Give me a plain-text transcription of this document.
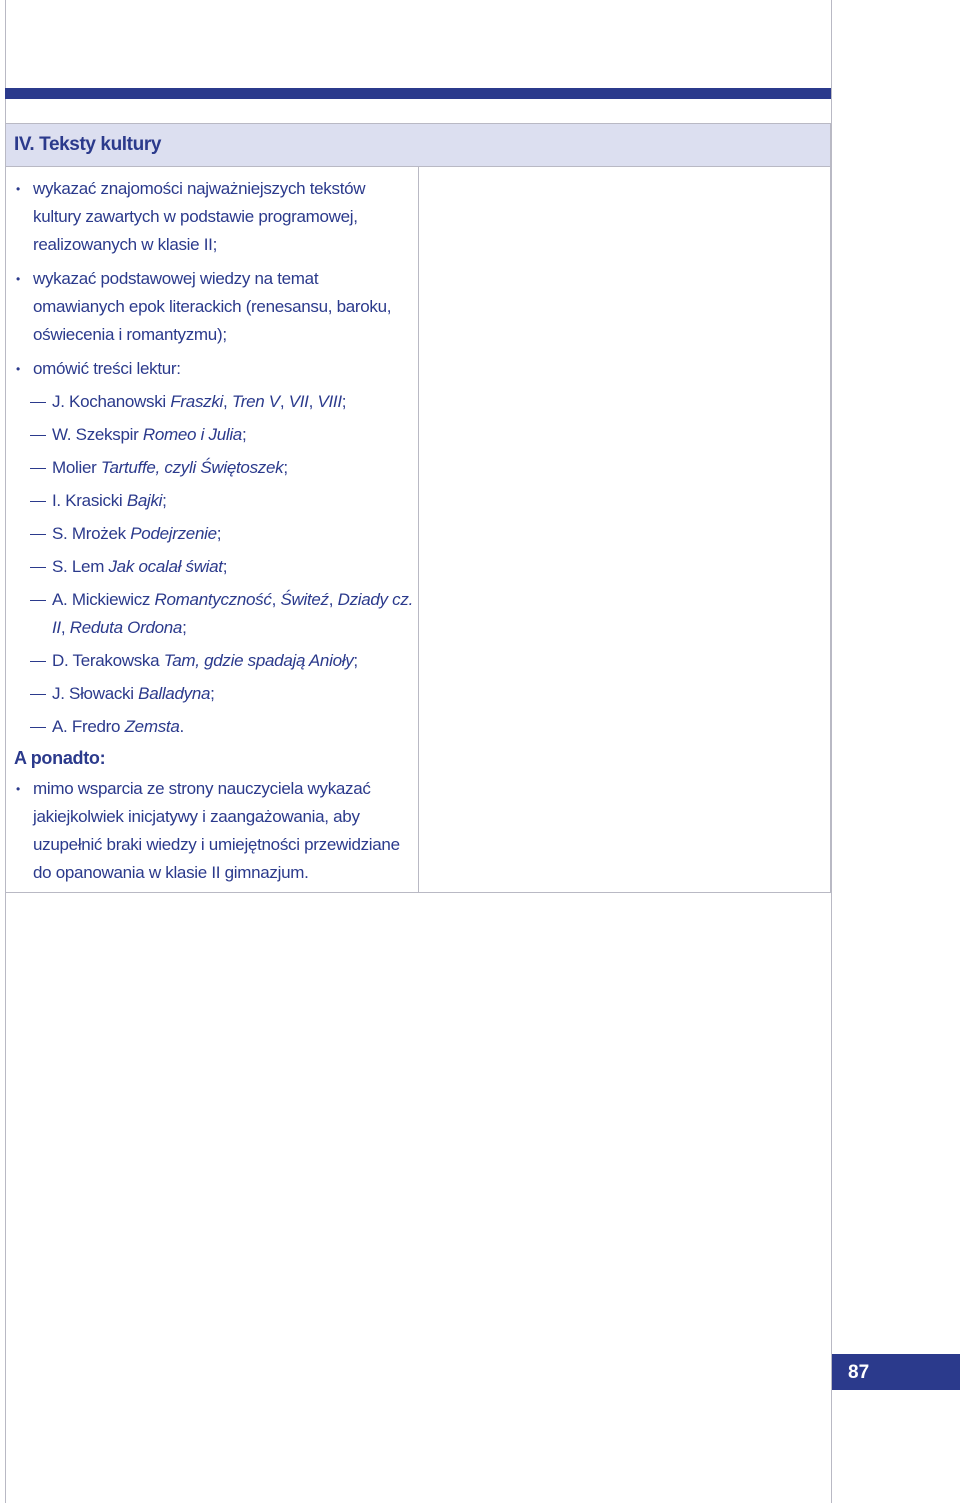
IV. Teksty kultury
• wykazać znajomości najważniejszych tekstów kultury zawartych w podstawie programowej, realizowanych w klasie II;
• wykazać podstawowej wiedzy na temat omawianych epok literackich (renesansu, baroku, oświecenia i romantyzmu);
• omówić treści lektur:
J. Kochanowski Fraszki, Tren V, VII, VIII;
W. Szekspir Romeo i Julia;
Molier Tartuffe, czyli Świętoszek;
I. Krasicki Bajki;
S. Mrożek Podejrzenie;
S. Lem Jak ocalał świat;
A. Mickiewicz Romantyczność, Świteź, Dziady cz. II, Reduta Ordona;
D. Terakowska Tam, gdzie spadają Anioły;
J. Słowacki Balladyna;
A. Fredro Zemsta.
A ponadto:
• mimo wsparcia ze strony nauczyciela wykazać jakiejkolwiek inicjatywy i zaangażowania, aby uzupełnić braki wiedzy i umiejętności przewidziane do opanowania w klasie II gimnazjum.
87
